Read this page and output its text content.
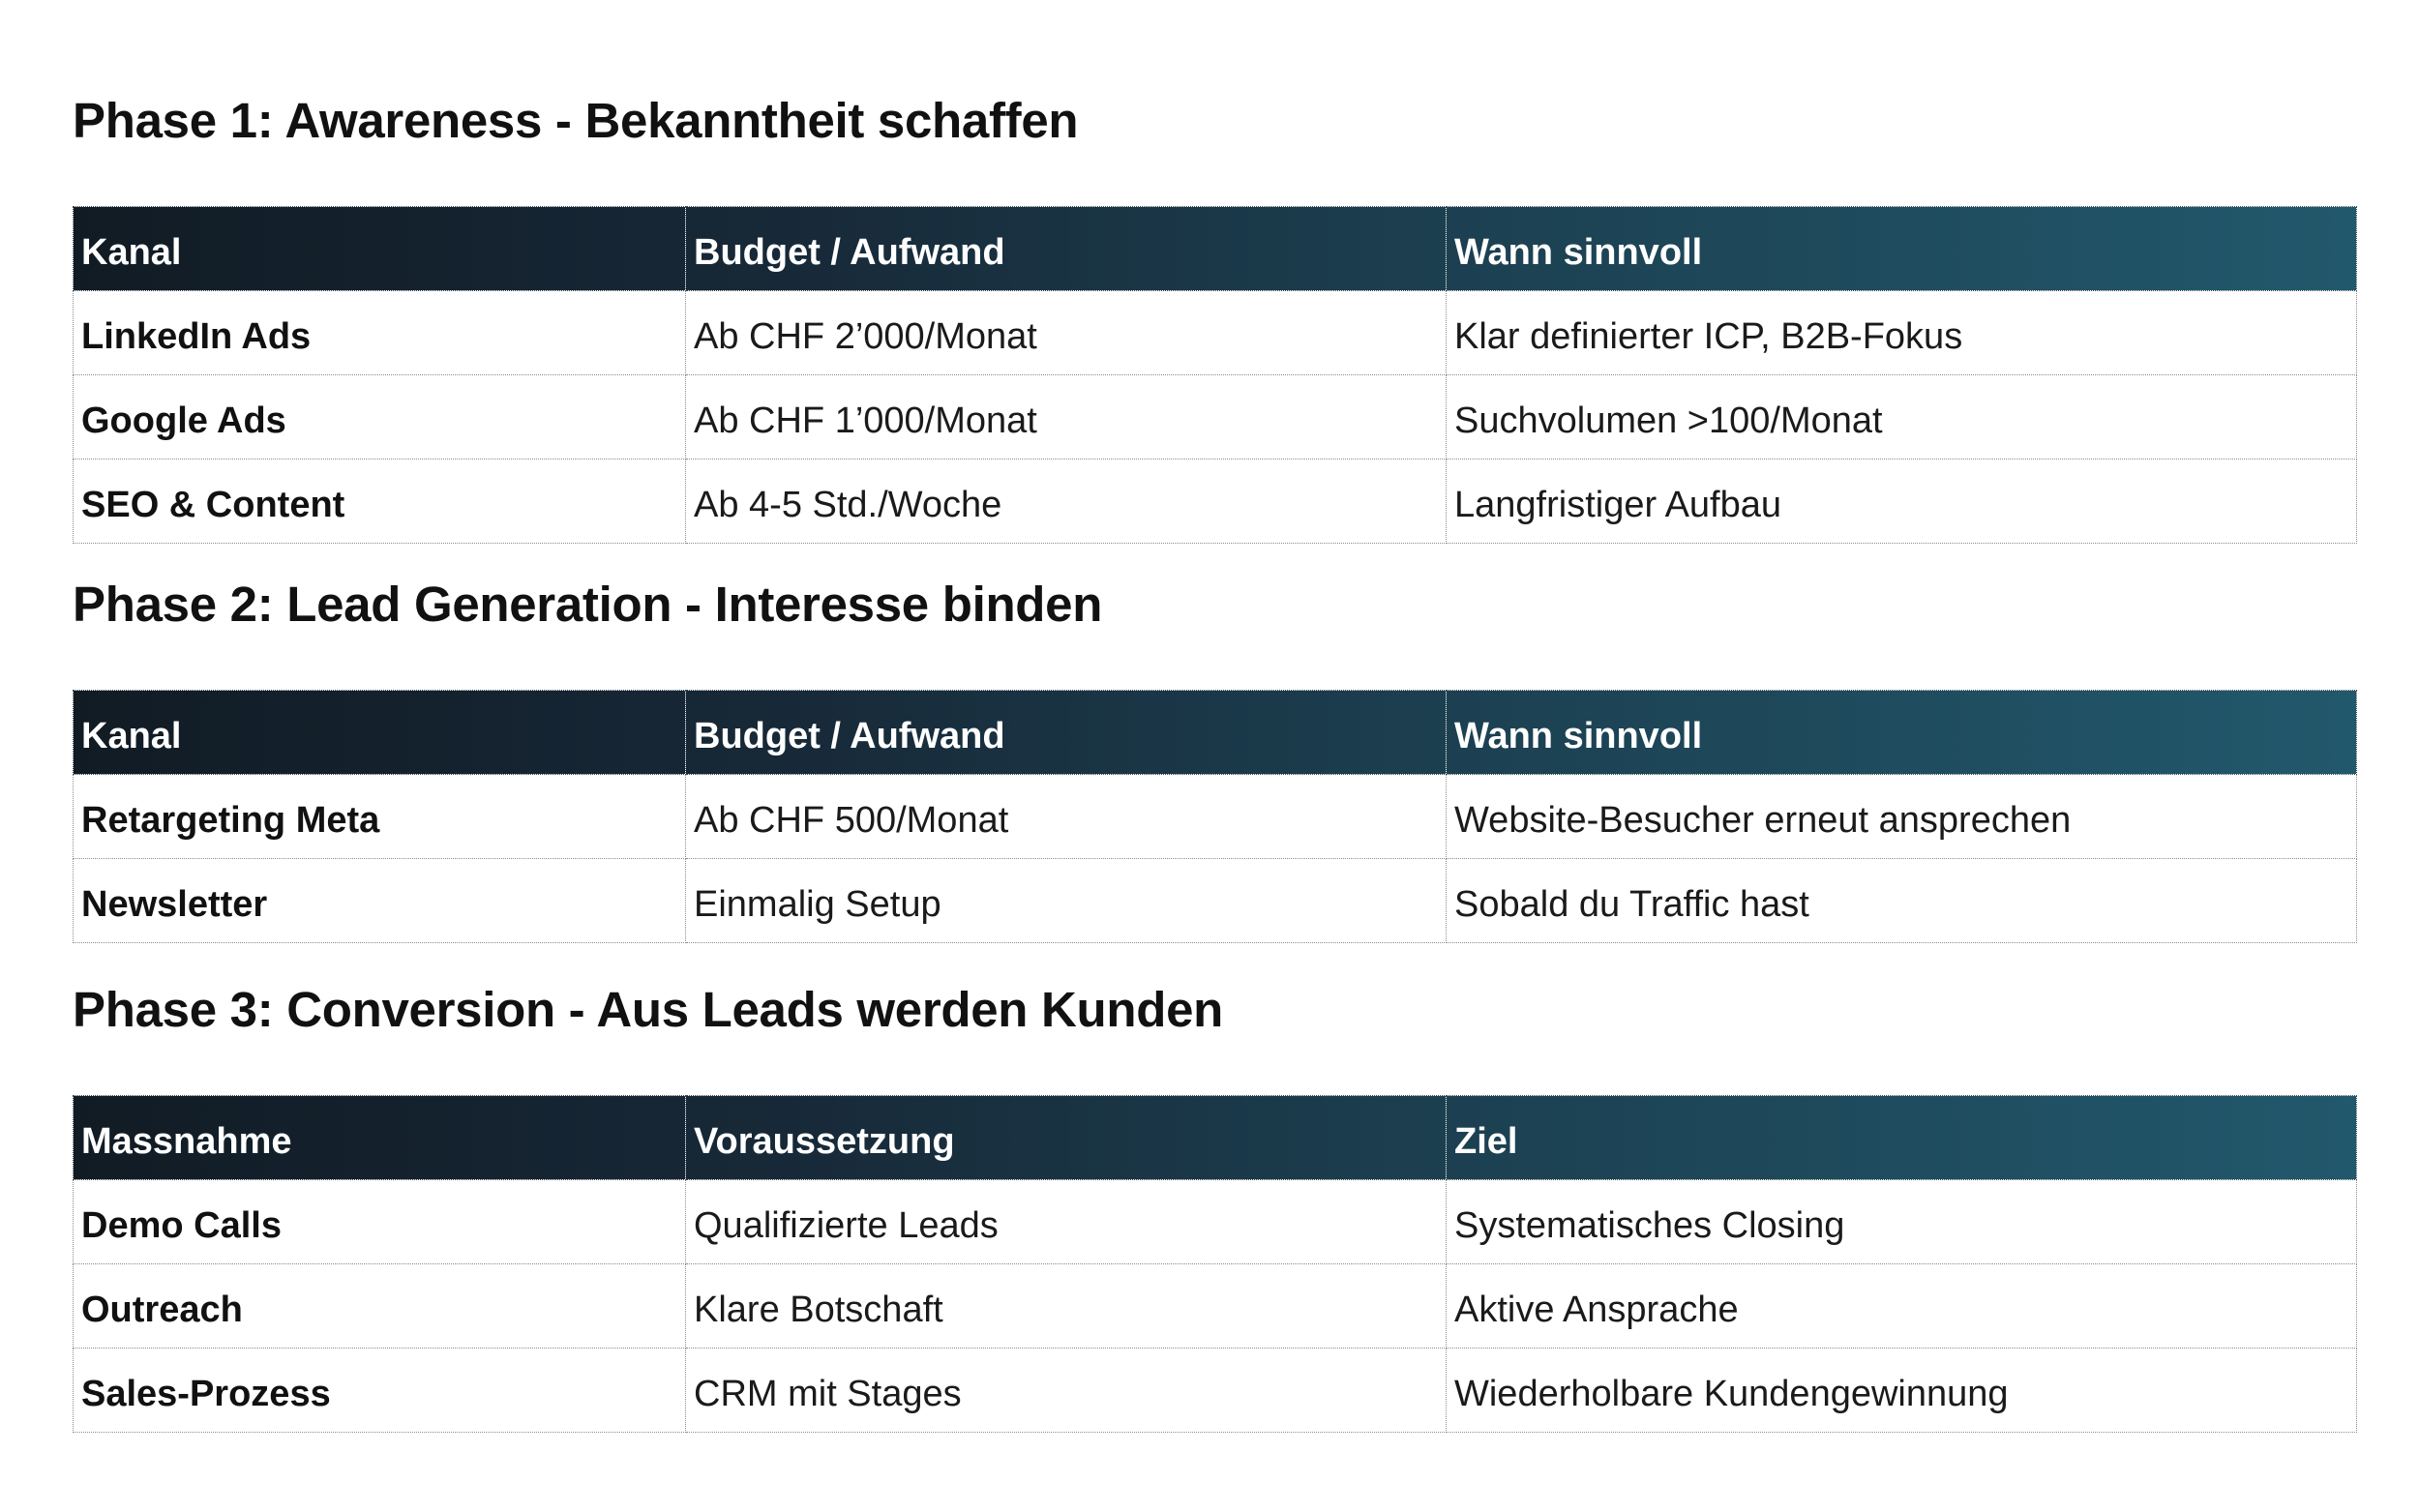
Phase 1: Awareness - Bekanntheit schaffen
Kanal	Budget / Aufwand	Wann sinnvoll
LinkedIn Ads	Ab CHF 2’000/Monat	Klar definierter ICP, B2B-Fokus
Google Ads	Ab CHF 1’000/Monat	Suchvolumen >100/Monat
SEO & Content	Ab 4-5 Std./Woche	Langfristiger Aufbau
Phase 2: Lead Generation - Interesse binden
Kanal	Budget / Aufwand	Wann sinnvoll
Retargeting Meta	Ab CHF 500/Monat	Website-Besucher erneut ansprechen
Newsletter	Einmalig Setup	Sobald du Traffic hast
Phase 3: Conversion - Aus Leads werden Kunden
Massnahme	Voraussetzung	Ziel
Demo Calls	Qualifizierte Leads	Systematisches Closing
Outreach	Klare Botschaft	Aktive Ansprache
Sales-Prozess	CRM mit Stages	Wiederholbare Kundengewinnung
